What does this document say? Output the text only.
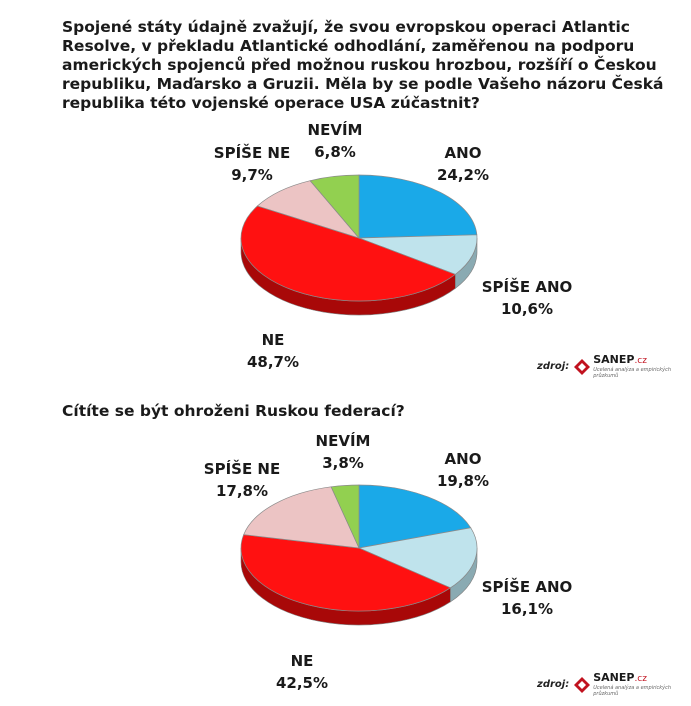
Spojené státy údajně zvažují, že svou evropskou operaci Atlantic Resolve, v překladu Atlantické odhodlání, zaměřenou na podporu amerických spojenců před možnou ruskou hrozbou, rozšíří o Českou republiku, Maďarsko a Gruzii. Měla by se podle Vašeho názoru Česká republika této vojenské operace USA zúčastnit?

ANO
24,2%
SPÍŠE ANO
10,6%
NE
48,7%
SPÍŠE NE
9,7%
NEVÍM
6,8%
zdroj:
SANEP.cz
Ucelená analýza a empirických průzkumů

Cítíte se být ohroženi Ruskou federací?

ANO
19,8%
SPÍŠE ANO
16,1%
NE
42,5%
SPÍŠE NE
17,8%
NEVÍM
3,8%
zdroj:
SANEP.cz
Ucelená analýza a empirických průzkumů
